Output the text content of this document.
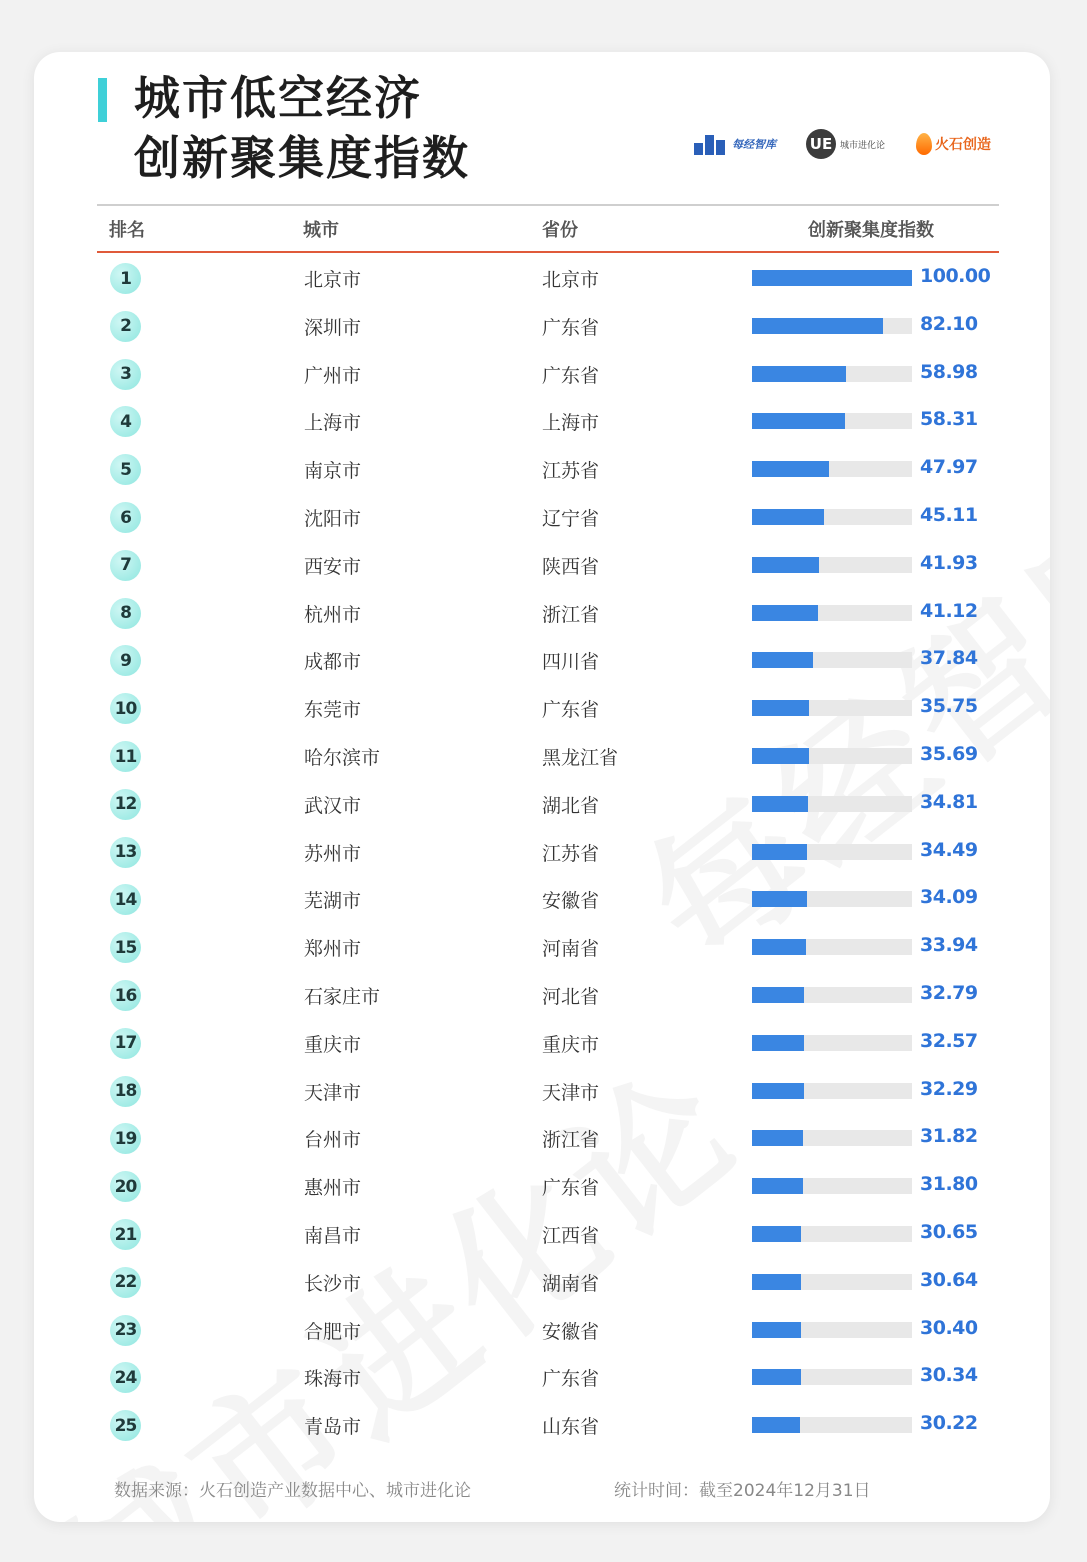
城市低空经济
创新聚集度指数	每经智库 UE 城市进化论	火石创造
排名	城市	省份	创新聚集度指数
1	北京市	北京市	100.00
2	深圳市	广东省	82.10
3	广州市	广东省	58.98
4	上海市	上海市	58.31
5	南京市	江苏省	47.97
6	沈阳市	辽宁省	45.11
7	西安市	陕西省	41.93
8	杭州市	浙江省	41.12
9	成都市	四川省	37.84
10	东莞市	广东省	35.75
11	哈尔滨市	黑龙江省	35.69
12	武汉市	湖北省	34.81
13	苏州市	江苏省	34.49
14	芜湖市	安徽省	34.09
15	郑州市	河南省	33.94
16	石家庄市	河北省	32.79
17	重庆市	重庆市	32.57
18	天津市	天津市	32.29
19	台州市	浙江省	31.82
20	惠州市	广东省	31.80
21	南昌市	江西省	30.65
22	长沙市	湖南省	30.64
23	合肥市	安徽省	30.40
24	珠海市	广东省	30.34
25	青岛市	山东省	30.22
数据来源：火石创造产业数据中心、城市进化论	统计时间：截至2024年12月31日
